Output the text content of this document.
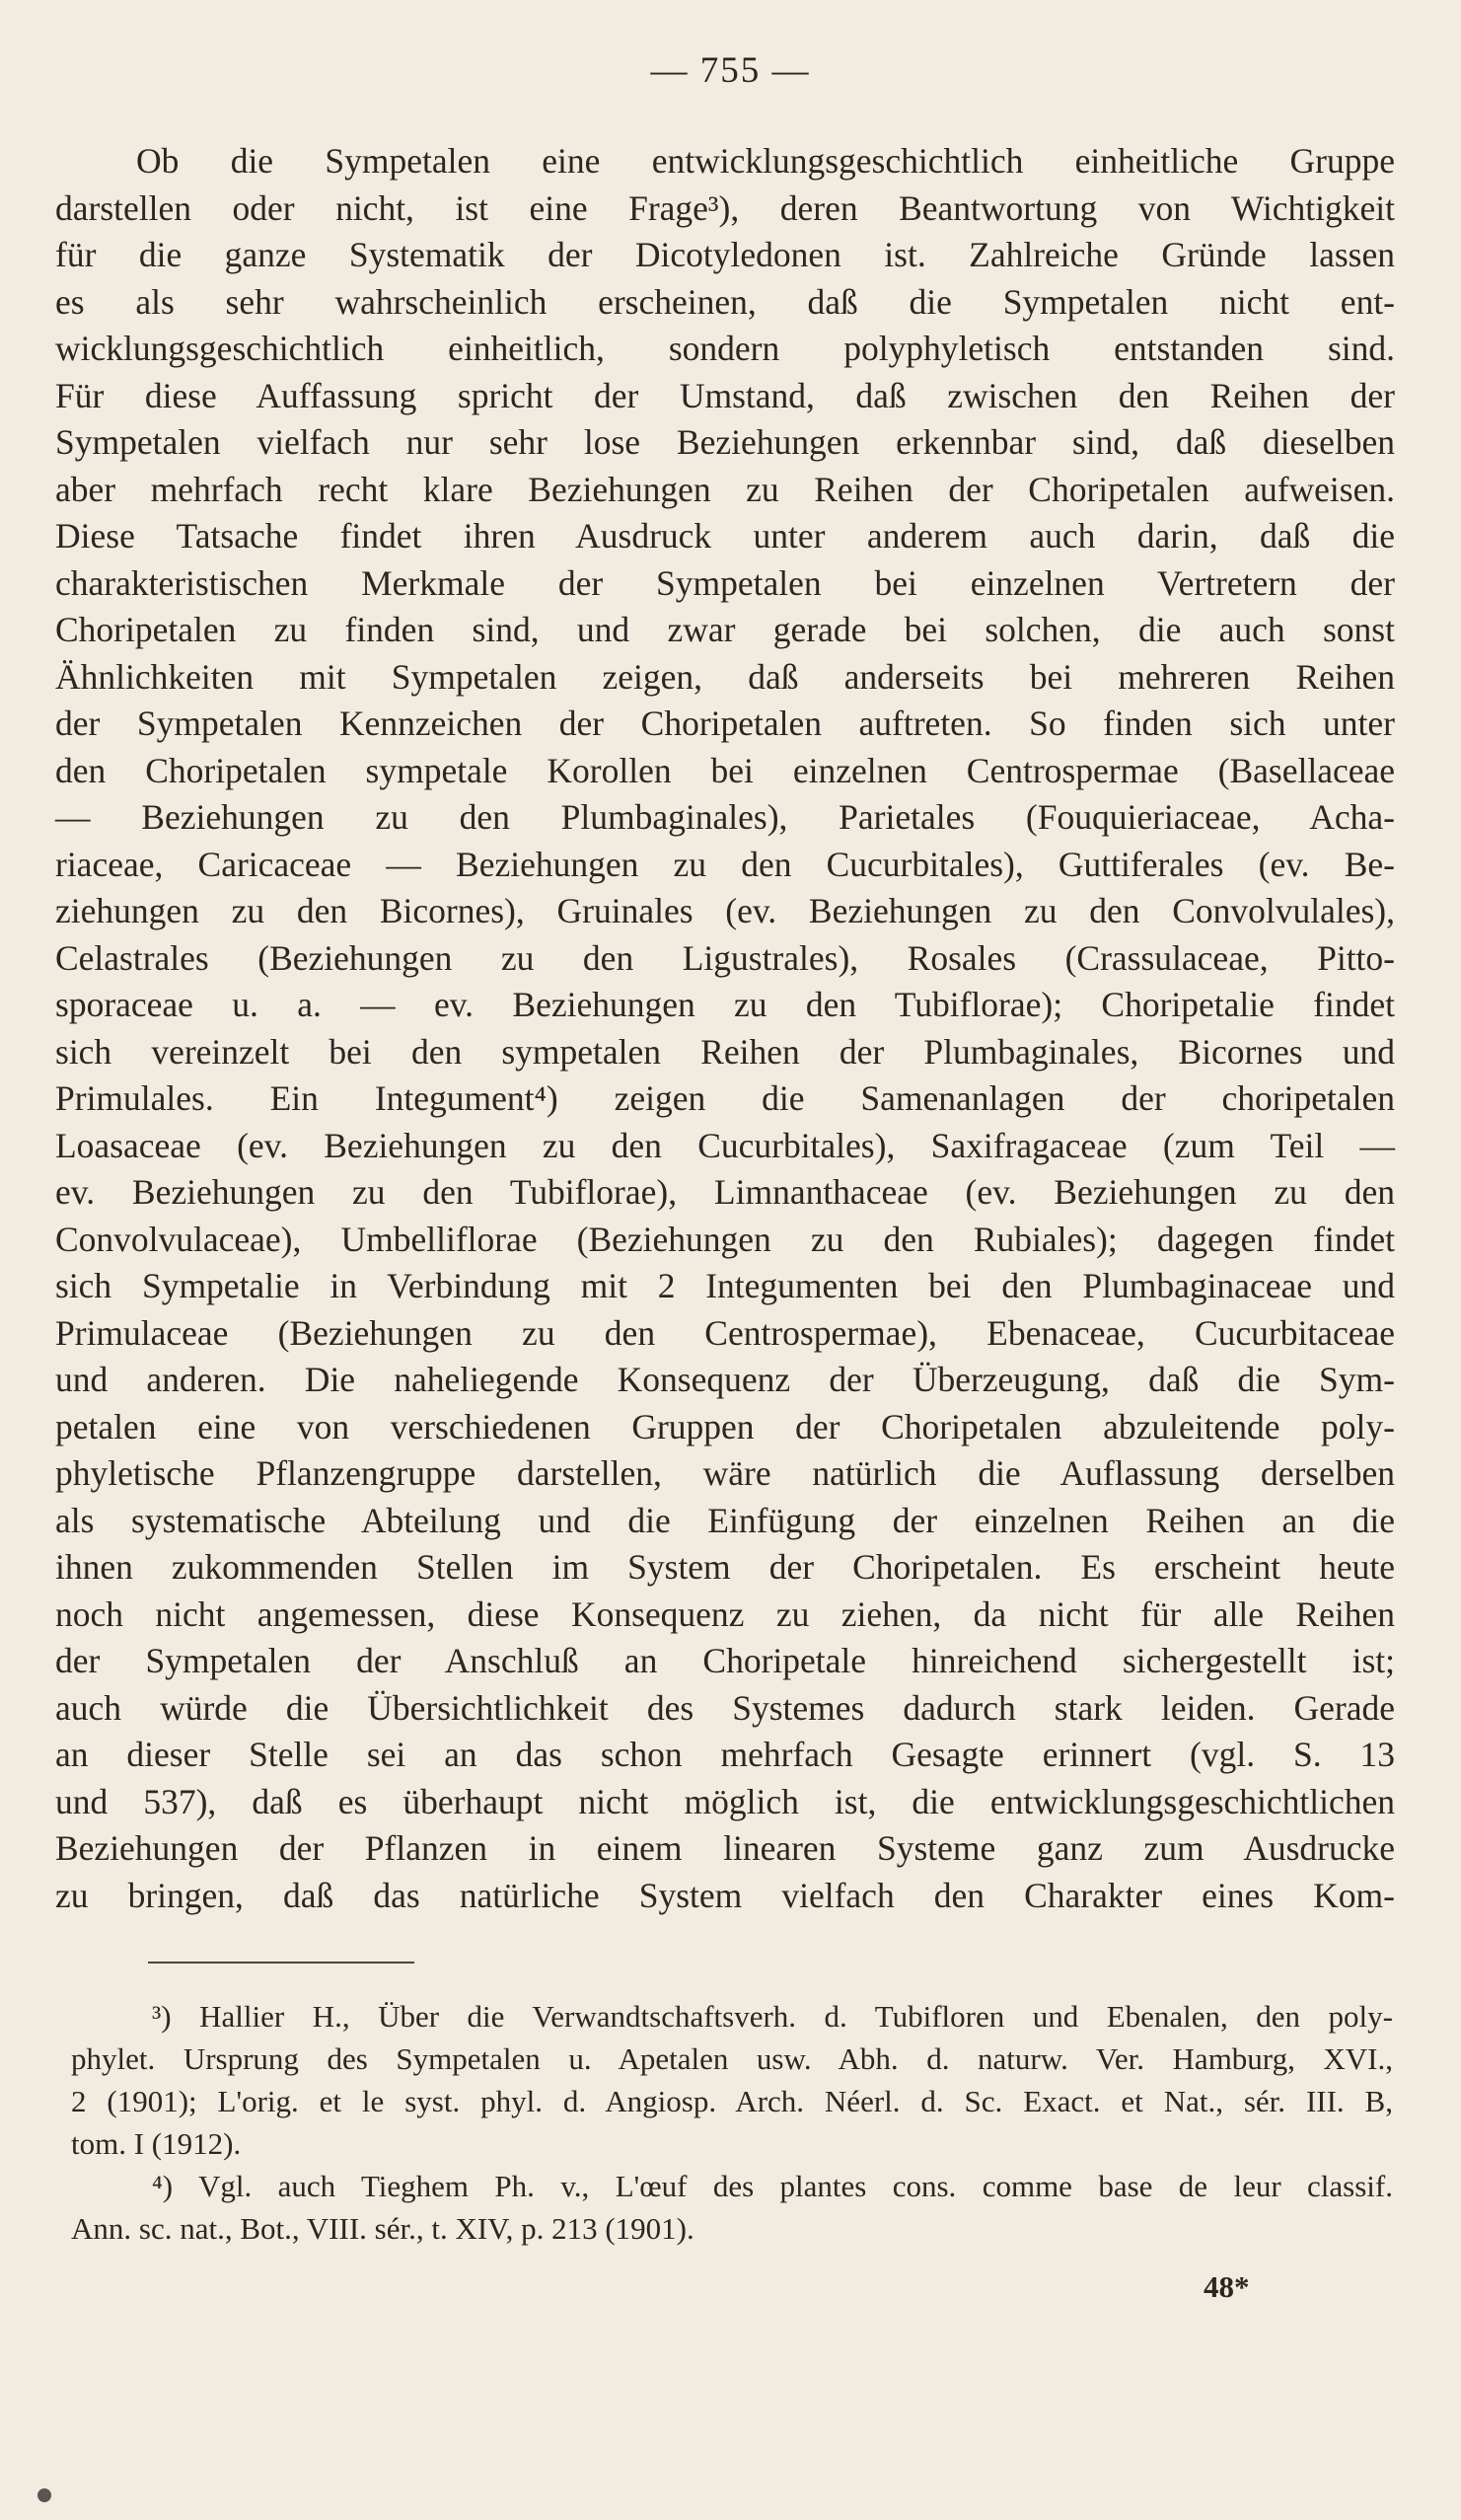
— 755 —
Ob die Sympetalen eine entwicklungsgeschichtlich einheitliche Gruppe
darstellen oder nicht, ist eine Frage³), deren Beantwortung von Wichtigkeit
für die ganze Systematik der Dicotyledonen ist. Zahlreiche Gründe lassen
es als sehr wahrscheinlich erscheinen, daß die Sympetalen nicht ent-
wicklungsgeschichtlich einheitlich, sondern polyphyletisch entstanden sind.
Für diese Auffassung spricht der Umstand, daß zwischen den Reihen der
Sympetalen vielfach nur sehr lose Beziehungen erkennbar sind, daß dieselben
aber mehrfach recht klare Beziehungen zu Reihen der Choripetalen aufweisen.
Diese Tatsache findet ihren Ausdruck unter anderem auch darin, daß die
charakteristischen Merkmale der Sympetalen bei einzelnen Vertretern der
Choripetalen zu finden sind, und zwar gerade bei solchen, die auch sonst
Ähnlichkeiten mit Sympetalen zeigen, daß anderseits bei mehreren Reihen
der Sympetalen Kennzeichen der Choripetalen auftreten. So finden sich unter
den Choripetalen sympetale Korollen bei einzelnen Centrospermae (Basellaceae
— Beziehungen zu den Plumbaginales), Parietales (Fouquieriaceae, Acha-
riaceae, Caricaceae — Beziehungen zu den Cucurbitales), Guttiferales (ev. Be-
ziehungen zu den Bicornes), Gruinales (ev. Beziehungen zu den Convolvulales),
Celastrales (Beziehungen zu den Ligustrales), Rosales (Crassulaceae, Pitto-
sporaceae u. a. — ev. Beziehungen zu den Tubiflorae); Choripetalie findet
sich vereinzelt bei den sympetalen Reihen der Plumbaginales, Bicornes und
Primulales. Ein Integument⁴) zeigen die Samenanlagen der choripetalen
Loasaceae (ev. Beziehungen zu den Cucurbitales), Saxifragaceae (zum Teil —
ev. Beziehungen zu den Tubiflorae), Limnanthaceae (ev. Beziehungen zu den
Convolvulaceae), Umbelliflorae (Beziehungen zu den Rubiales); dagegen findet
sich Sympetalie in Verbindung mit 2 Integumenten bei den Plumbaginaceae und
Primulaceae (Beziehungen zu den Centrospermae), Ebenaceae, Cucurbitaceae
und anderen. Die naheliegende Konsequenz der Überzeugung, daß die Sym-
petalen eine von verschiedenen Gruppen der Choripetalen abzuleitende poly-
phyletische Pflanzengruppe darstellen, wäre natürlich die Auflassung derselben
als systematische Abteilung und die Einfügung der einzelnen Reihen an die
ihnen zukommenden Stellen im System der Choripetalen. Es erscheint heute
noch nicht angemessen, diese Konsequenz zu ziehen, da nicht für alle Reihen
der Sympetalen der Anschluß an Choripetale hinreichend sichergestellt ist;
auch würde die Übersichtlichkeit des Systemes dadurch stark leiden. Gerade
an dieser Stelle sei an das schon mehrfach Gesagte erinnert (vgl. S. 13
und 537), daß es überhaupt nicht möglich ist, die entwicklungsgeschichtlichen
Beziehungen der Pflanzen in einem linearen Systeme ganz zum Ausdrucke
zu bringen, daß das natürliche System vielfach den Charakter eines Kom-
³) Hallier H., Über die Verwandtschaftsverh. d. Tubifloren und Ebenalen, den poly-
phylet. Ursprung des Sympetalen u. Apetalen usw. Abh. d. naturw. Ver. Hamburg, XVI.,
2 (1901); L'orig. et le syst. phyl. d. Angiosp. Arch. Néerl. d. Sc. Exact. et Nat., sér. III. B,
tom. I (1912).
⁴) Vgl. auch Tieghem Ph. v., L'œuf des plantes cons. comme base de leur classif.
Ann. sc. nat., Bot., VIII. sér., t. XIV, p. 213 (1901).
48*
